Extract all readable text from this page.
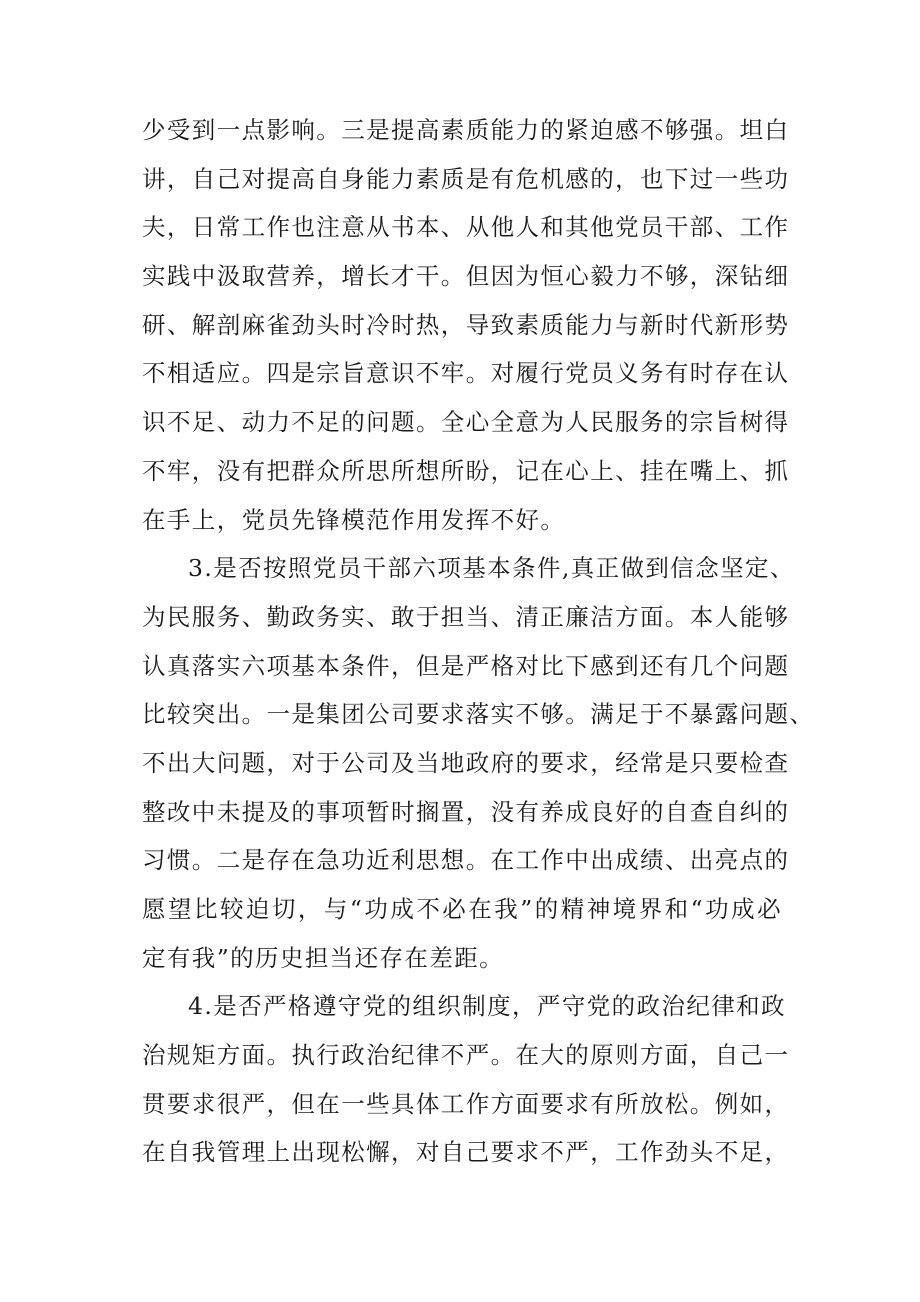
少受到一点影响。三是提高素质能力的紧迫感不够强。坦白
讲，自己对提高自身能力素质是有危机感的，也下过一些功
夫，日常工作也注意从书本、从他人和其他党员干部、工作
实践中汲取营养，增长才干。但因为恒心毅力不够，深钻细
研、解剖麻雀劲头时冷时热，导致素质能力与新时代新形势
不相适应。四是宗旨意识不牢。对履行党员义务有时存在认
识不足、动力不足的问题。全心全意为人民服务的宗旨树得
不牢，没有把群众所思所想所盼，记在心上、挂在嘴上、抓
在手上，党员先锋模范作用发挥不好。
3.是否按照党员干部六项基本条件,真正做到信念坚定、
为民服务、勤政务实、敢于担当、清正廉洁方面。本人能够
认真落实六项基本条件，但是严格对比下感到还有几个问题
比较突出。一是集团公司要求落实不够。满足于不暴露问题、
不出大问题，对于公司及当地政府的要求，经常是只要检查
整改中未提及的事项暂时搁置，没有养成良好的自查自纠的
习惯。二是存在急功近利思想。在工作中出成绩、出亮点的
愿望比较迫切，与“功成不必在我”的精神境界和“功成必
定有我”的历史担当还存在差距。
4.是否严格遵守党的组织制度，严守党的政治纪律和政
治规矩方面。执行政治纪律不严。在大的原则方面，自己一
贯要求很严，但在一些具体工作方面要求有所放松。例如，
在自我管理上出现松懈，对自己要求不严，工作劲头不足，
